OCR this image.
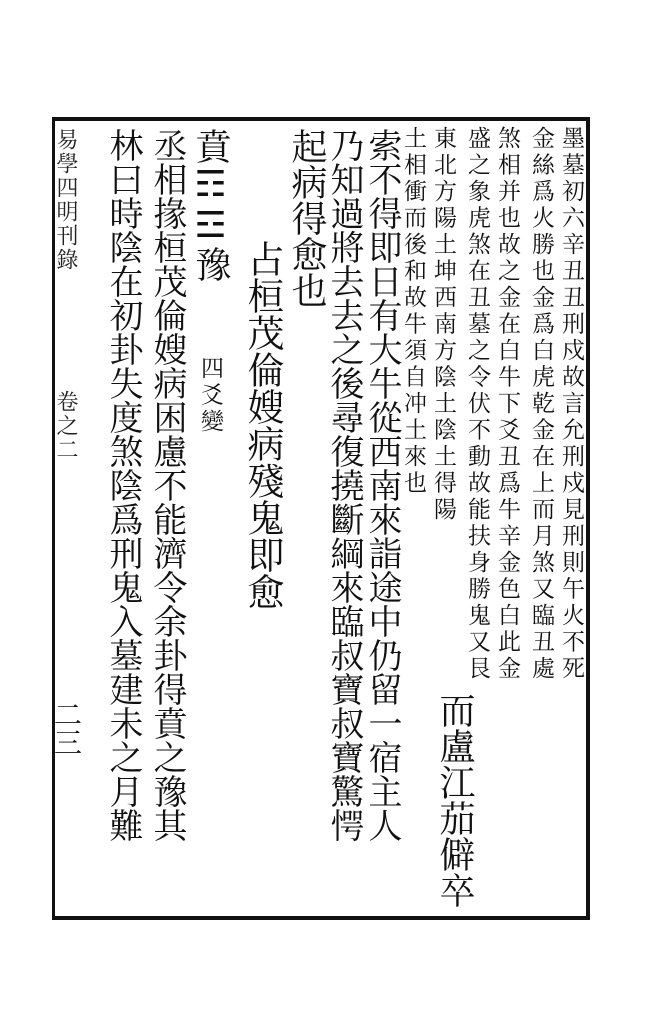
墨墓初六辛丑丑刑戍故言允刑戍見刑則午火不死
金絲爲火勝也金爲白虎乾金在上而月煞又臨丑處
煞相并也故之金在白牛下爻丑爲牛辛金色白此金
盛之象虎煞在丑墓之令伏不動故能扶身勝鬼又艮
東北方陽土坤西南方陰土陰土得陽
而盧江茄僻卒
土相衝而後和故牛須自冲土來也
索不得即日有大牛從西南來詣途中仍留一宿主人
乃知過將去去之後尋復撓斷綱來臨叔寶叔寶驚愕
起病得愈也
占桓茂倫嫂病殘鬼即愈
賁☶☲豫
四爻變
丞相掾桓茂倫嫂病困慮不能濟令余卦得賁之豫其
林曰時陰在初卦失度煞陰爲刑鬼入墓建未之月難
易學四明刊錄
卷之二
二三
